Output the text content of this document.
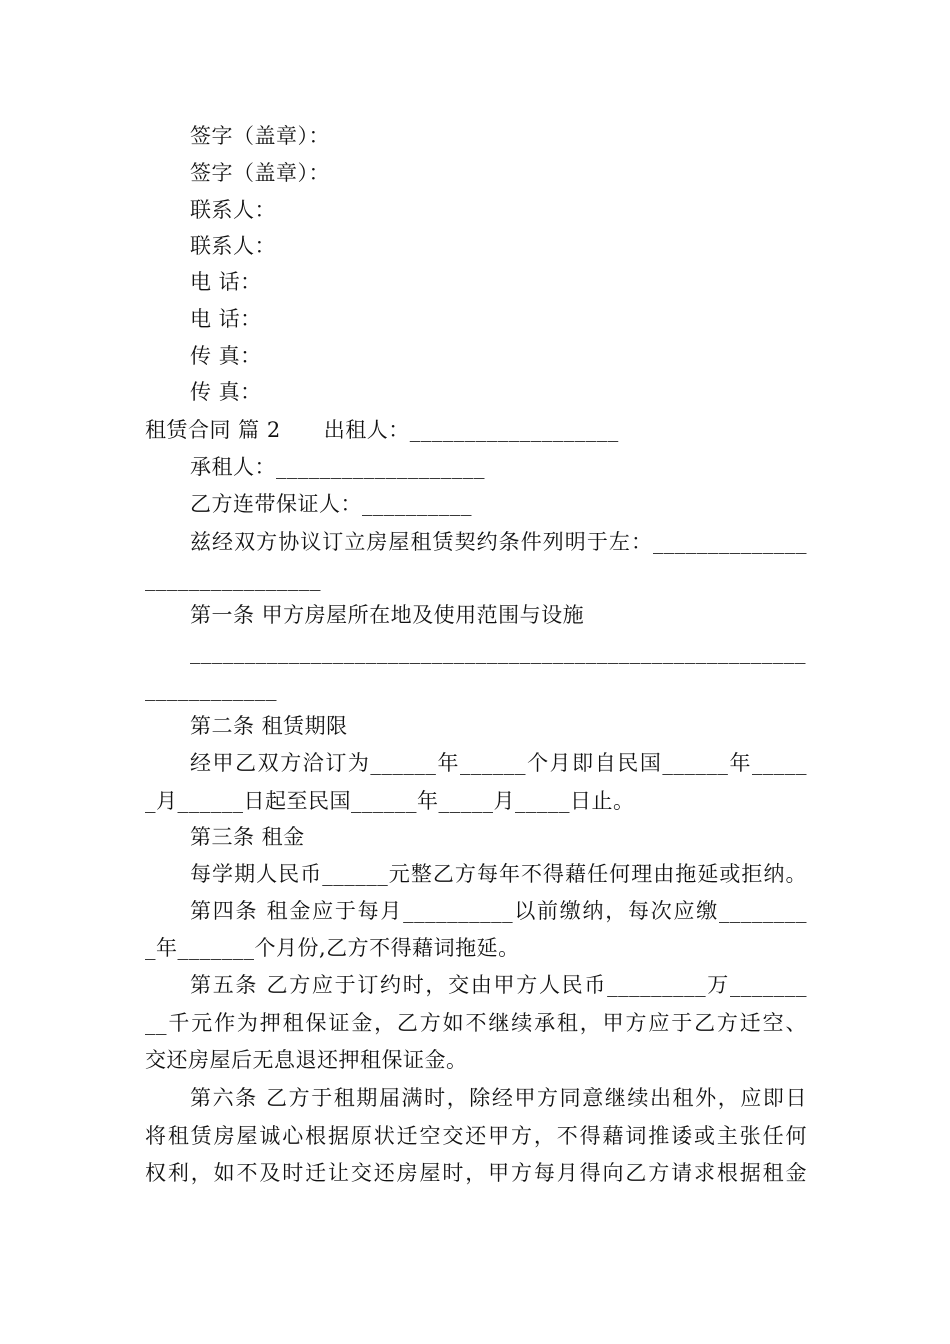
签字（盖章）：
签字（盖章）：
联系人：
联系人：
电 话：
电 话：
传 真：
传 真：
租赁合同 篇 2　　出租人：___________________
承租人：___________________
乙方连带保证人：__________
兹经双方协议订立房屋租赁契约条件列明于左：______________
________________
第一条 甲方房屋所在地及使用范围与设施
________________________________________________________
____________
第二条 租赁期限
经甲乙双方洽订为______年______个月即自民国______年_____
_月______日起至民国______年_____月_____日止。
第三条 租金
每学期人民币______元整乙方每年不得藉任何理由拖延或拒纳。
第四条 租金应于每月__________以前缴纳，每次应缴________
_年_______个月份,乙方不得藉词拖延。
第五条 乙方应于订约时，交由甲方人民币_________万_______
__千元作为押租保证金，乙方如不继续承租，甲方应于乙方迁空、
交还房屋后无息退还押租保证金。
第六条 乙方于租期届满时，除经甲方同意继续出租外，应即日
将租赁房屋诚心根据原状迁空交还甲方，不得藉词推诿或主张任何
权利，如不及时迁让交还房屋时，甲方每月得向乙方请求根据租金
